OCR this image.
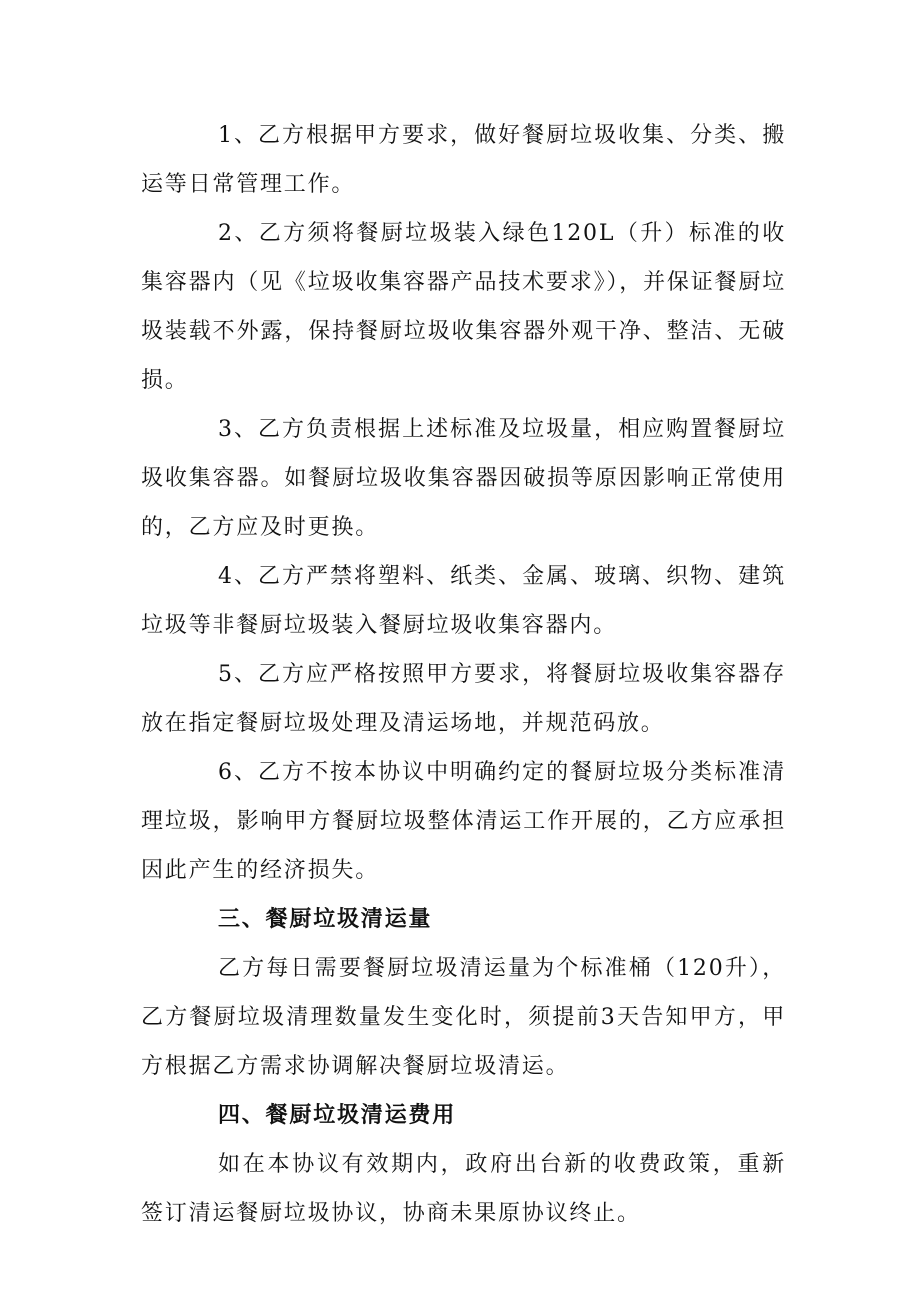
1、乙方根据甲方要求，做好餐厨垃圾收集、分类、搬运等日常管理工作。

2、乙方须将餐厨垃圾装入绿色120L（升）标准的收集容器内（见《垃圾收集容器产品技术要求》），并保证餐厨垃圾装载不外露，保持餐厨垃圾收集容器外观干净、整洁、无破损。

3、乙方负责根据上述标准及垃圾量，相应购置餐厨垃圾收集容器。如餐厨垃圾收集容器因破损等原因影响正常使用的，乙方应及时更换。

4、乙方严禁将塑料、纸类、金属、玻璃、织物、建筑垃圾等非餐厨垃圾装入餐厨垃圾收集容器内。

5、乙方应严格按照甲方要求，将餐厨垃圾收集容器存放在指定餐厨垃圾处理及清运场地，并规范码放。

6、乙方不按本协议中明确约定的餐厨垃圾分类标准清理垃圾，影响甲方餐厨垃圾整体清运工作开展的，乙方应承担因此产生的经济损失。

三、餐厨垃圾清运量

乙方每日需要餐厨垃圾清运量为个标准桶（120升），乙方餐厨垃圾清理数量发生变化时，须提前3天告知甲方，甲方根据乙方需求协调解决餐厨垃圾清运。

四、餐厨垃圾清运费用

如在本协议有效期内，政府出台新的收费政策，重新签订清运餐厨垃圾协议，协商未果原协议终止。
